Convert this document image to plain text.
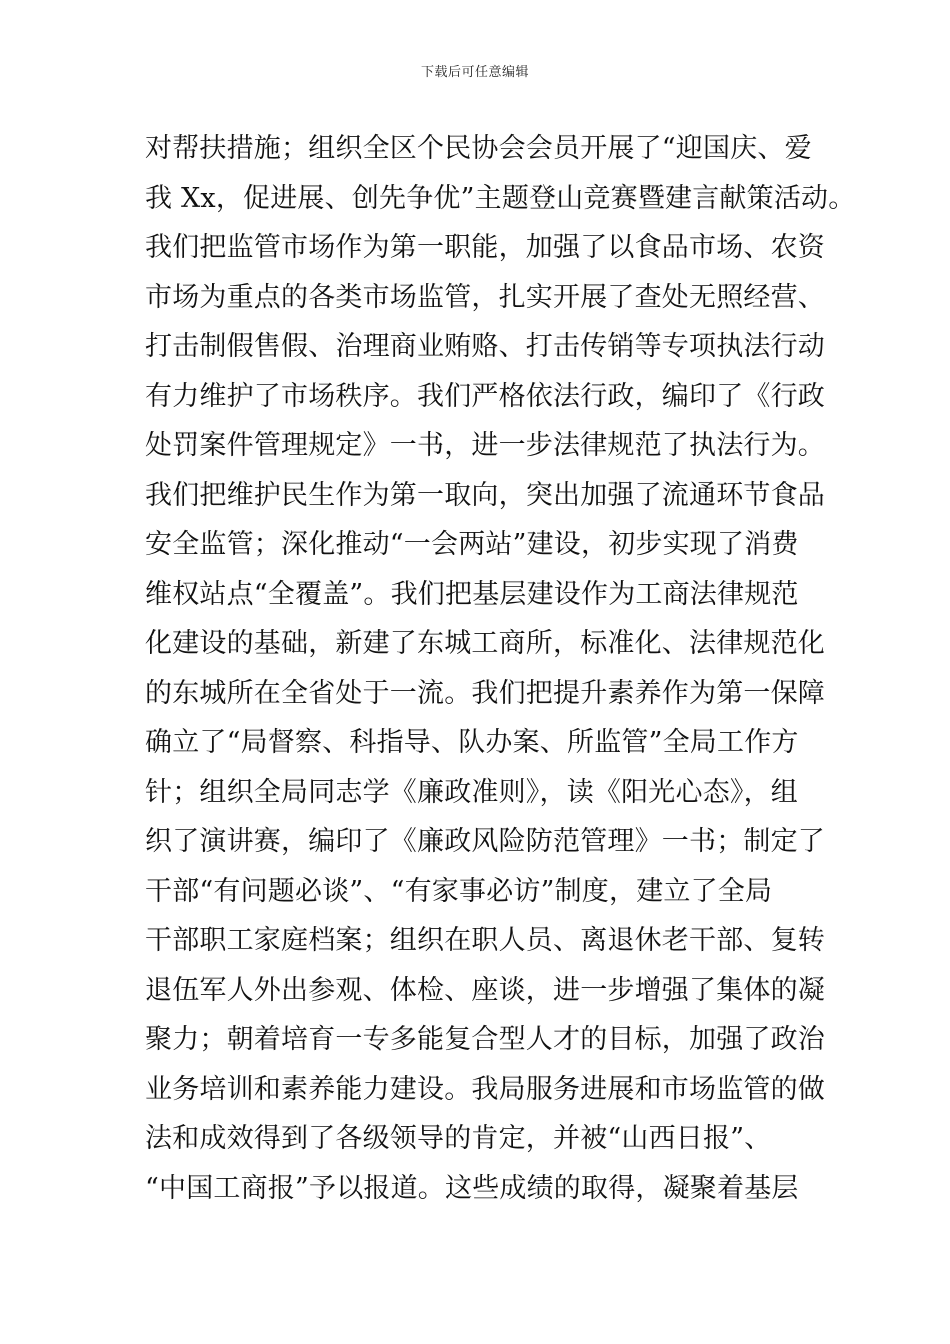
下载后可任意编辑
对帮扶措施；组织全区个民协会会员开展了“迎国庆、爱
我 Xx，促进展、创先争优”主题登山竞赛暨建言献策活动。
我们把监管市场作为第一职能，加强了以食品市场、农资
市场为重点的各类市场监管，扎实开展了查处无照经营、
打击制假售假、治理商业贿赂、打击传销等专项执法行动
有力维护了市场秩序。我们严格依法行政，编印了《行政
处罚案件管理规定》一书，进一步法律规范了执法行为。
我们把维护民生作为第一取向，突出加强了流通环节食品
安全监管；深化推动“一会两站”建设，初步实现了消费
维权站点“全覆盖”。我们把基层建设作为工商法律规范
化建设的基础，新建了东城工商所，标准化、法律规范化
的东城所在全省处于一流。我们把提升素养作为第一保障
确立了“局督察、科指导、队办案、所监管”全局工作方
针；组织全局同志学《廉政准则》，读《阳光心态》，组
织了演讲赛，编印了《廉政风险防范管理》一书；制定了
干部“有问题必谈”、“有家事必访”制度，建立了全局
干部职工家庭档案；组织在职人员、离退休老干部、复转
退伍军人外出参观、体检、座谈，进一步增强了集体的凝
聚力；朝着培育一专多能复合型人才的目标，加强了政治
业务培训和素养能力建设。我局服务进展和市场监管的做
法和成效得到了各级领导的肯定，并被“山西日报”、
“中国工商报”予以报道。这些成绩的取得，凝聚着基层
